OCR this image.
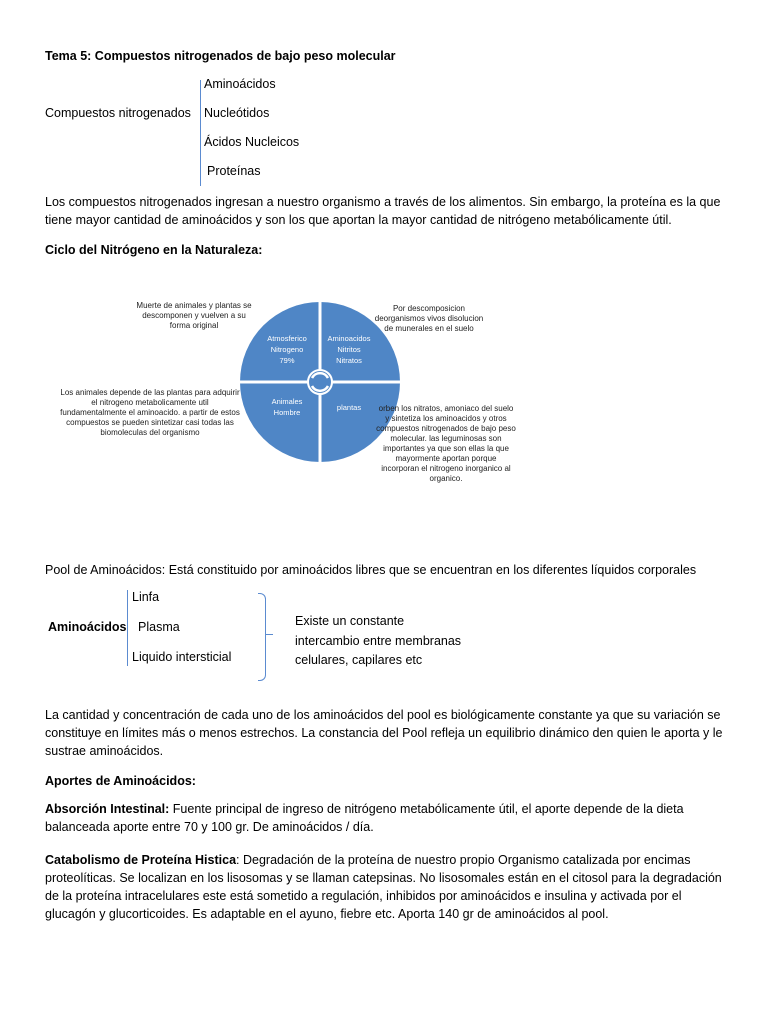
Tema 5: Compuestos nitrogenados de bajo peso molecular
Compuestos nitrogenados
Aminoácidos
Nucleótidos
Ácidos Nucleicos
Proteínas
Los compuestos nitrogenados ingresan a nuestro organismo a través de los alimentos. Sin embargo, la proteína es la que tiene mayor cantidad de aminoácidos y son los que aportan la mayor cantidad de nitrógeno metabólicamente útil.
Ciclo del Nitrógeno en la Naturaleza:
Atmosferico
Nitrogeno
79%
Aminoacidos
Nitritos
Nitratos
Animales
Hombre
plantas
Muerte de animales y plantas se descomponen y vuelven a su forma original
Por descomposicion deorganismos vivos disolucion de munerales en el suelo
Los animales depende de las plantas para adquirir el nitrogeno metabolicamente util fundamentalmente el aminoacido. a partir de estos compuestos se pueden sintetizar casi todas las biomoleculas del organismo
orben los nitratos, amoniaco del suelo y sintetiza los aminoacidos y otros compuestos nitrogenados de bajo peso molecular. las leguminosas son importantes ya que son ellas la que mayormente aportan porque incorporan el nitrogeno inorganico al organico.
Pool de Aminoácidos: Está constituido por aminoácidos libres que se encuentran en los diferentes líquidos corporales
Aminoácidos
Linfa
Plasma
Liquido intersticial
Existe un constante
intercambio entre membranas
celulares, capilares etc
La cantidad y concentración de cada uno de los aminoácidos del pool es biológicamente constante ya que su variación se constituye en límites más o menos estrechos. La constancia del Pool refleja un equilibrio dinámico den quien le aporta y le sustrae aminoácidos.
Aportes de Aminoácidos:
Absorción Intestinal: Fuente principal de ingreso de nitrógeno metabólicamente útil, el aporte depende de la dieta balanceada aporte entre 70 y 100 gr. De aminoácidos / día.
Catabolismo de Proteína Histica: Degradación de la proteína de nuestro propio Organismo catalizada por encimas proteolíticas. Se localizan en los lisosomas y se llaman catepsinas. No lisosomales están en el citosol para la degradación de la proteína intracelulares este está sometido a regulación, inhibidos por aminoácidos e insulina y activada por el glucagón y glucorticoides. Es adaptable en el ayuno, fiebre etc. Aporta 140 gr de aminoácidos al pool.
